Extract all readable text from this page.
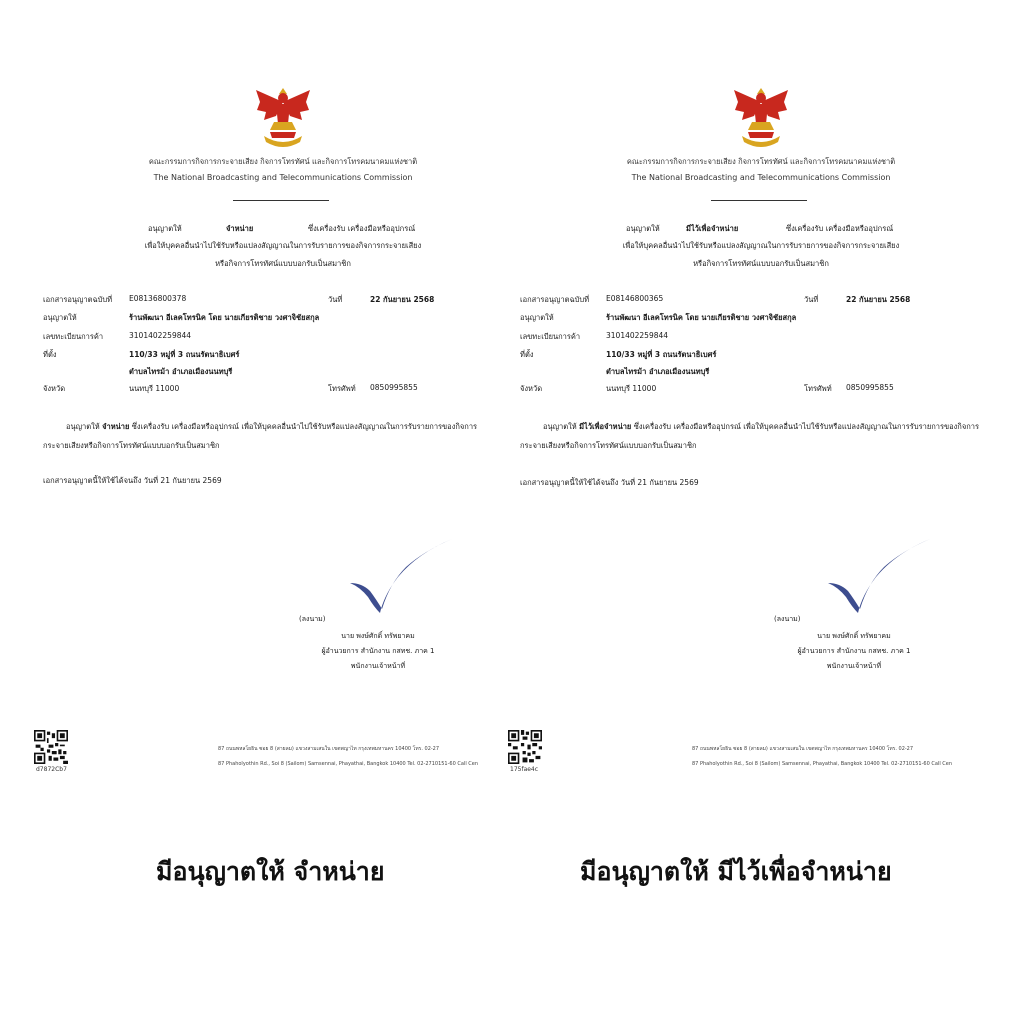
คณะกรรมการกิจการกระจายเสียง กิจการโทรทัศน์ และกิจการโทรคมนาคมแห่งชาติ
The National Broadcasting and Telecommunications Commission
อนุญาตให้	จำหน่าย	ซึ่งเครื่องรับ เครื่องมือหรืออุปกรณ์
เพื่อให้บุคคลอื่นนำไปใช้รับหรือแปลงสัญญาณในการรับรายการของกิจการกระจายเสียง
หรือกิจการโทรทัศน์แบบบอกรับเป็นสมาชิก
เอกสารอนุญาตฉบับที่ E08136800378	วันที่	22 กันยายน 2568
อนุญาตให้	ร้านพัฒนา อีเลคโทรนิค โดย นายเกียรติชาย วงศาจิชัยสกุล
เลขทะเบียนการค้า	3101402259844
ที่ตั้ง	110/33 หมู่ที่ 3 ถนนรัตนาธิเบศร์
ตำบลไทรม้า อำเภอเมืองนนทบุรี
จังหวัด	นนทบุรี 11000	โทรศัพท์ 0850995855
อนุญาตให้ จำหน่าย ซึ่งเครื่องรับ เครื่องมือหรืออุปกรณ์ เพื่อให้บุคคลอื่นนำไปใช้รับหรือแปลงสัญญาณในการรับรายการของกิจการ
กระจายเสียงหรือกิจการโทรทัศน์แบบบอกรับเป็นสมาชิก
เอกสารอนุญาตนี้ให้ใช้ได้จนถึง วันที่ 21 กันยายน 2569
(ลงนาม)
นาย พงษ์ศักดิ์ ทรัพยาคม
ผู้อำนวยการ สำนักงาน กสทช. ภาค 1
พนักงานเจ้าหน้าที่
d7872Cb7
87 ถนนพหลโยธิน ซอย 8 (สายลม) แขวงสามเสนใน เขตพญาไท กรุงเทพมหานคร 10400 โทร. 02-27
87 Phaholyothin Rd., Soi 8 (Sailom) Samsennai, Phayathai, Bangkok 10400 Tel. 02-2710151-60 Call Cen
คณะกรรมการกิจการกระจายเสียง กิจการโทรทัศน์ และกิจการโทรคมนาคมแห่งชาติ
The National Broadcasting and Telecommunications Commission
อนุญาตให้	มีไว้เพื่อจำหน่าย	ซึ่งเครื่องรับ เครื่องมือหรืออุปกรณ์
เพื่อให้บุคคลอื่นนำไปใช้รับหรือแปลงสัญญาณในการรับรายการของกิจการกระจายเสียง
หรือกิจการโทรทัศน์แบบบอกรับเป็นสมาชิก
เอกสารอนุญาตฉบับที่ E08146800365	วันที่	22 กันยายน 2568
อนุญาตให้	ร้านพัฒนา อีเลคโทรนิค โดย นายเกียรติชาย วงศาจิชัยสกุล
เลขทะเบียนการค้า	3101402259844
ที่ตั้ง	110/33 หมู่ที่ 3 ถนนรัตนาธิเบศร์
ตำบลไทรม้า อำเภอเมืองนนทบุรี
จังหวัด	นนทบุรี 11000	โทรศัพท์ 0850995855
อนุญาตให้ มีไว้เพื่อจำหน่าย ซึ่งเครื่องรับ เครื่องมือหรืออุปกรณ์ เพื่อให้บุคคลอื่นนำไปใช้รับหรือแปลงสัญญาณในการรับรายการของกิจการ
กระจายเสียงหรือกิจการโทรทัศน์แบบบอกรับเป็นสมาชิก
เอกสารอนุญาตนี้ให้ใช้ได้จนถึง วันที่ 21 กันยายน 2569
(ลงนาม)
นาย พงษ์ศักดิ์ ทรัพยาคม
ผู้อำนวยการ สำนักงาน กสทช. ภาค 1
พนักงานเจ้าหน้าที่
175fae4c
87 ถนนพหลโยธิน ซอย 8 (สายลม) แขวงสามเสนใน เขตพญาไท กรุงเทพมหานคร 10400 โทร. 02-27
87 Phaholyothin Rd., Soi 8 (Sailom) Samsennai, Phayathai, Bangkok 10400 Tel. 02-2710151-60 Call Cen
มีอนุญาตให้ จำหน่าย	มีอนุญาตให้ มีไว้เพื่อจำหน่าย
